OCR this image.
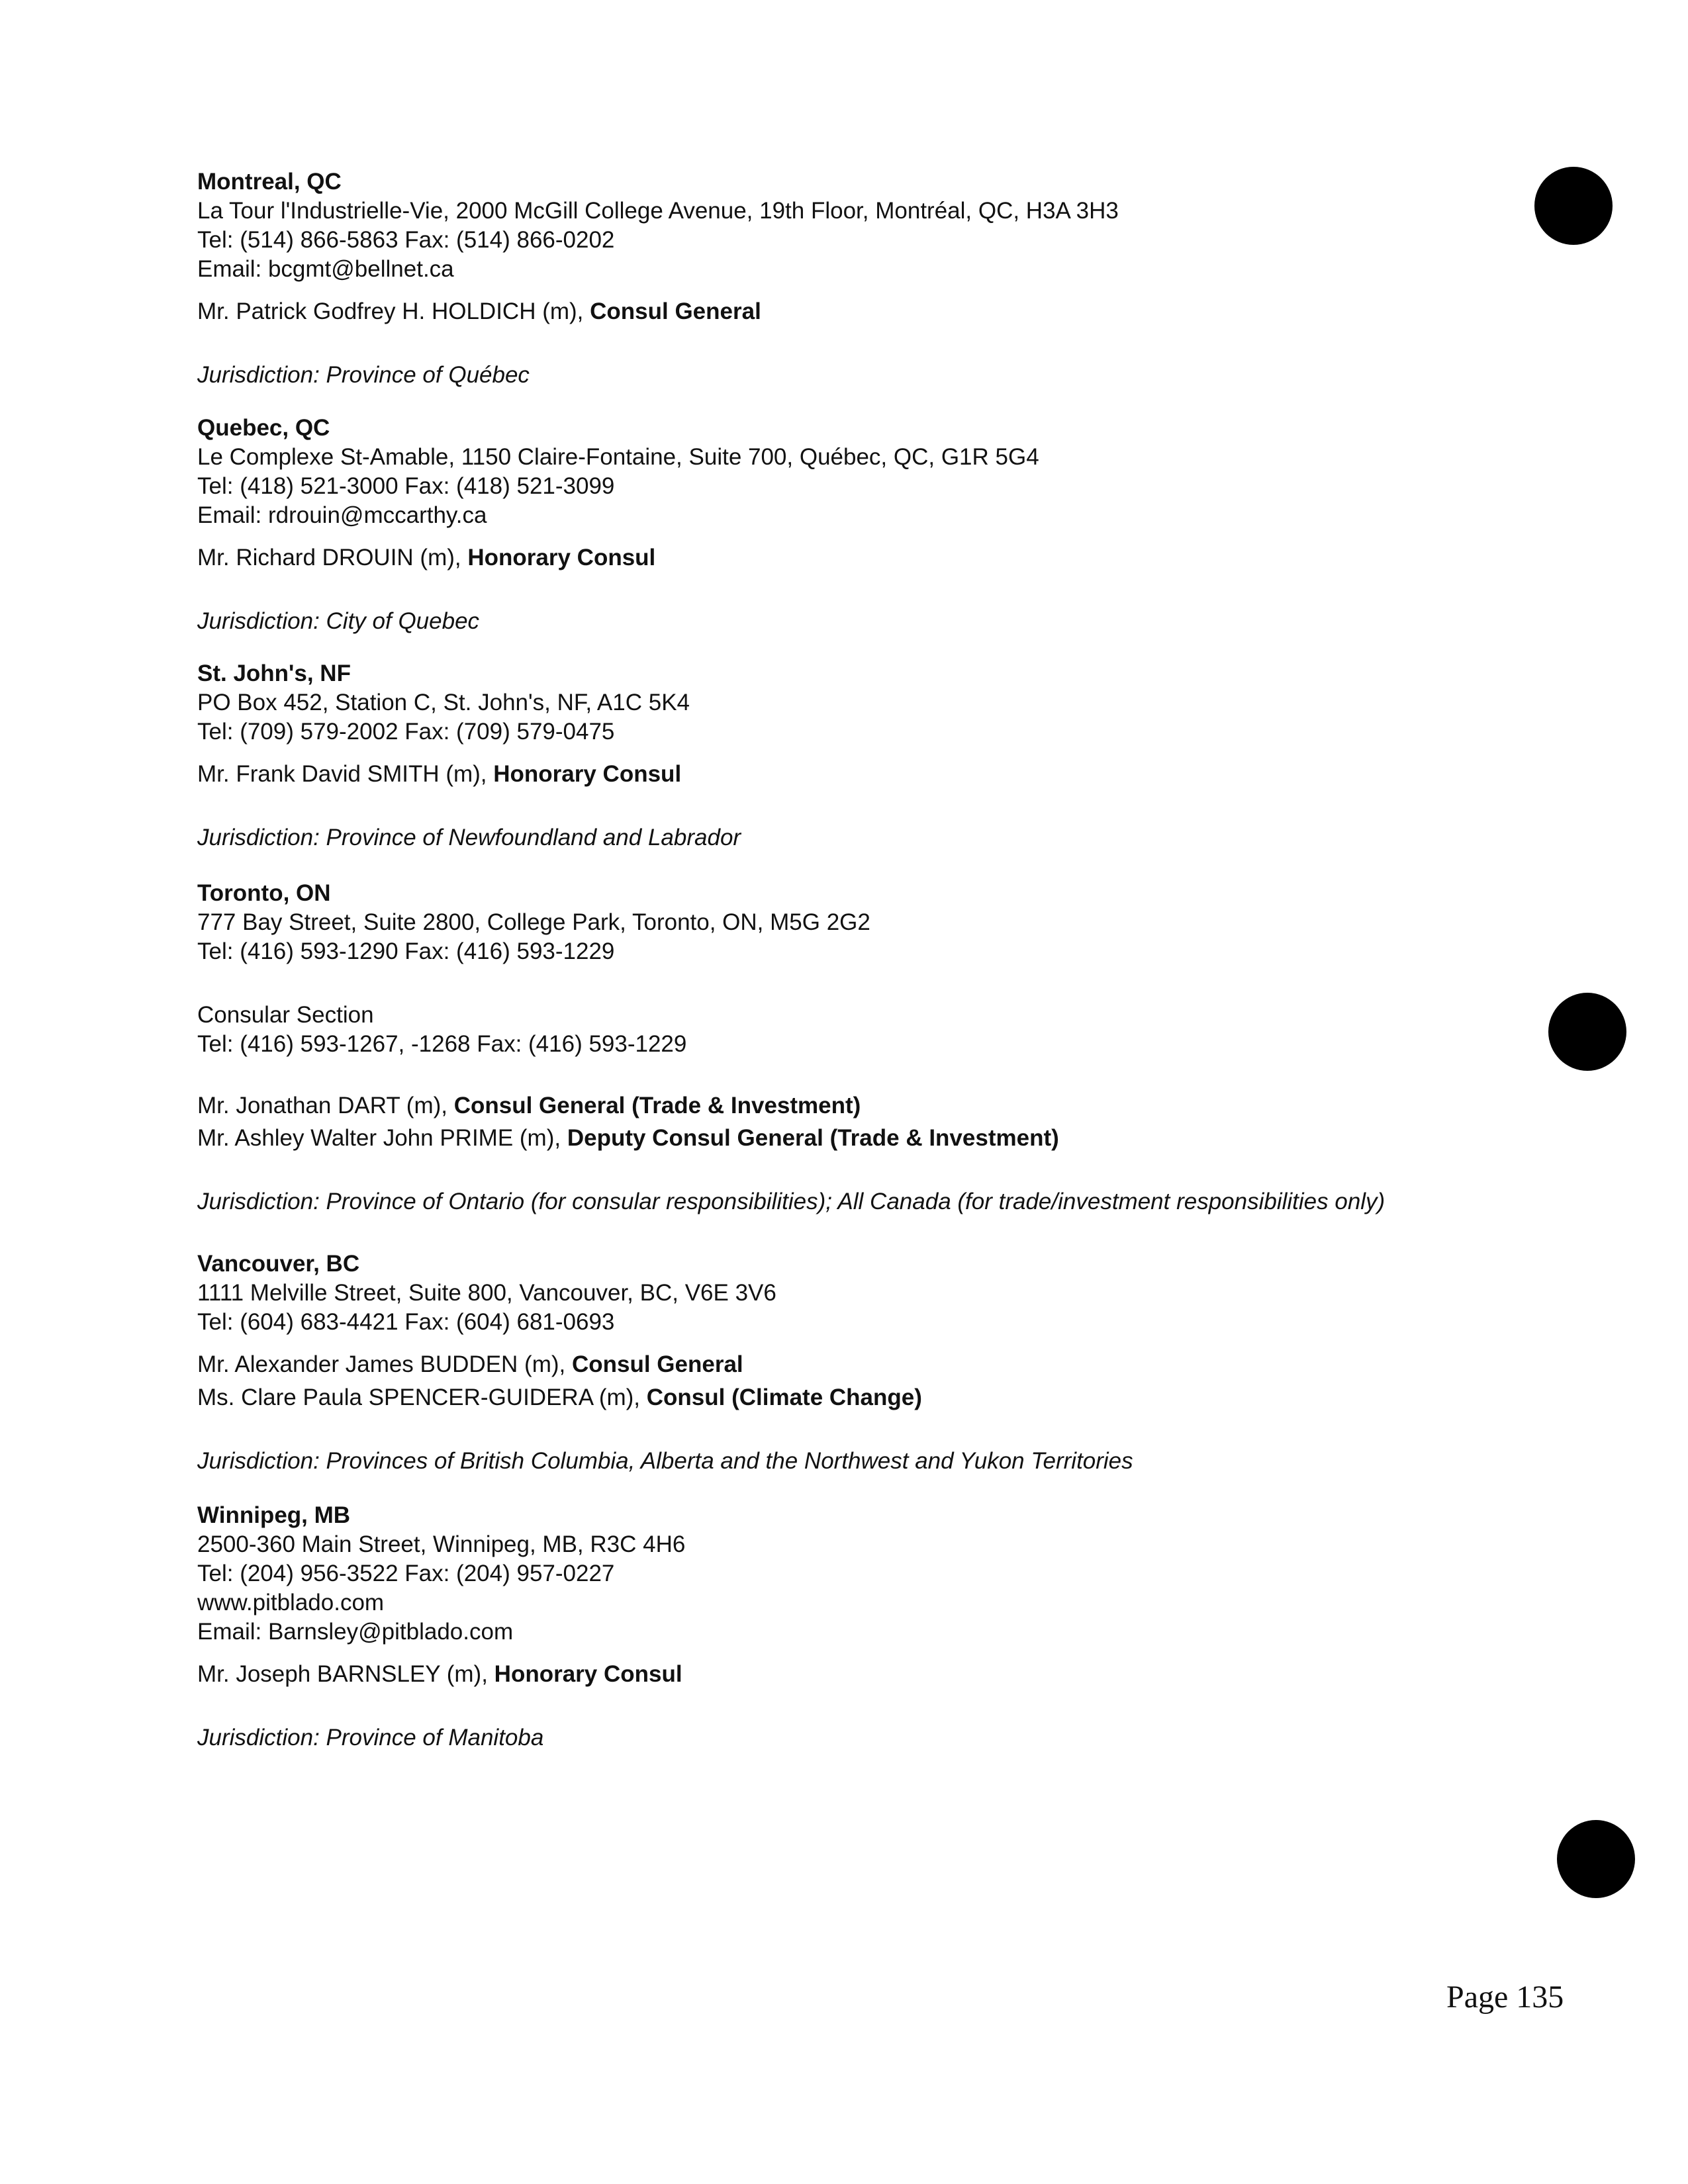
Montreal, QC
La Tour l'Industrielle-Vie, 2000 McGill College Avenue, 19th Floor, Montréal, QC, H3A 3H3
Tel: (514) 866-5863 Fax: (514) 866-0202
Email: bcgmt@bellnet.ca
Mr. Patrick Godfrey H. HOLDICH (m), Consul General
Jurisdiction: Province of Québec
Quebec, QC
Le Complexe St-Amable, 1150 Claire-Fontaine, Suite 700, Québec, QC, G1R 5G4
Tel: (418) 521-3000 Fax: (418) 521-3099
Email: rdrouin@mccarthy.ca
Mr. Richard DROUIN (m), Honorary Consul
Jurisdiction: City of Quebec
St. John's, NF
PO Box 452, Station C, St. John's, NF, A1C 5K4
Tel: (709) 579-2002 Fax: (709) 579-0475
Mr. Frank David SMITH (m), Honorary Consul
Jurisdiction: Province of Newfoundland and Labrador
Toronto, ON
777 Bay Street, Suite 2800, College Park, Toronto, ON, M5G 2G2
Tel: (416) 593-1290 Fax: (416) 593-1229
Consular Section
Tel: (416) 593-1267, -1268 Fax: (416) 593-1229
Mr. Jonathan DART (m), Consul General (Trade & Investment)
Mr. Ashley Walter John PRIME (m), Deputy Consul General (Trade & Investment)
Jurisdiction: Province of Ontario (for consular responsibilities); All Canada (for trade/investment responsibilities only)
Vancouver, BC
1111 Melville Street, Suite 800, Vancouver, BC, V6E 3V6
Tel: (604) 683-4421 Fax: (604) 681-0693
Mr. Alexander James BUDDEN (m), Consul General
Ms. Clare Paula SPENCER-GUIDERA (m), Consul (Climate Change)
Jurisdiction: Provinces of British Columbia, Alberta and the Northwest and Yukon Territories
Winnipeg, MB
2500-360 Main Street, Winnipeg, MB, R3C 4H6
Tel: (204) 956-3522 Fax: (204) 957-0227
www.pitblado.com
Email: Barnsley@pitblado.com
Mr. Joseph BARNSLEY (m), Honorary Consul
Jurisdiction: Province of Manitoba
Page 135
